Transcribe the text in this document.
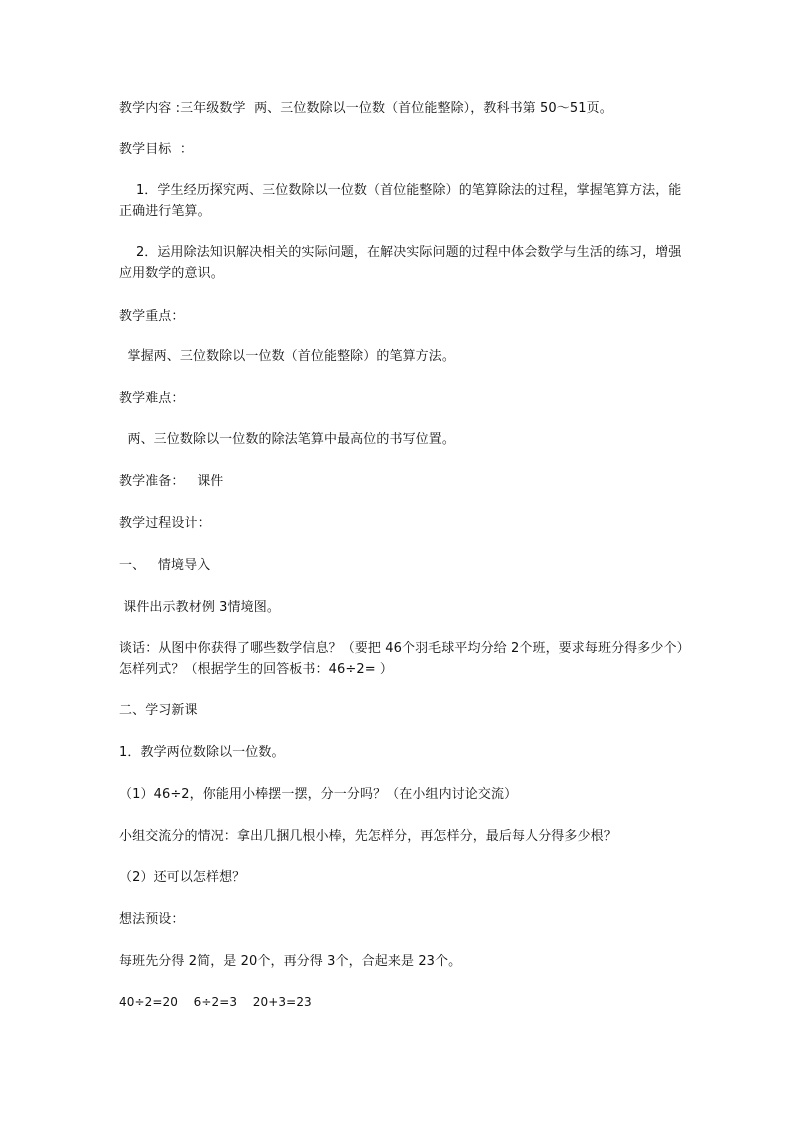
教学内容 :三年级数学  两、三位数除以一位数（首位能整除），教科书第 50～51页。
教学目标  ：
1．学生经历探究两、三位数除以一位数（首位能整除）的笔算除法的过程，掌握笔算方法，能正确进行笔算。
2．运用除法知识解决相关的实际问题，在解决实际问题的过程中体会数学与生活的练习，增强应用数学的意识。
教学重点：
掌握两、三位数除以一位数（首位能整除）的笔算方法。
教学难点：
两、三位数除以一位数的除法笔算中最高位的书写位置。
教学准备：   课件
教学过程设计：
一、   情境导入
课件出示教材例 3情境图。
谈话：从图中你获得了哪些数学信息？（要把 46个羽毛球平均分给 2个班，要求每班分得多少个）怎样列式？（根据学生的回答板书：46÷2= ）
二、学习新课
1．教学两位数除以一位数。
（1）46÷2，你能用小棒摆一摆，分一分吗？（在小组内讨论交流）
小组交流分的情况：拿出几捆几根小棒，先怎样分，再怎样分，最后每人分得多少根？
（2）还可以怎样想？
想法预设：
每班先分得 2简，是 20个，再分得 3个，合起来是 23个。
40÷2=20    6÷2=3    20+3=23
